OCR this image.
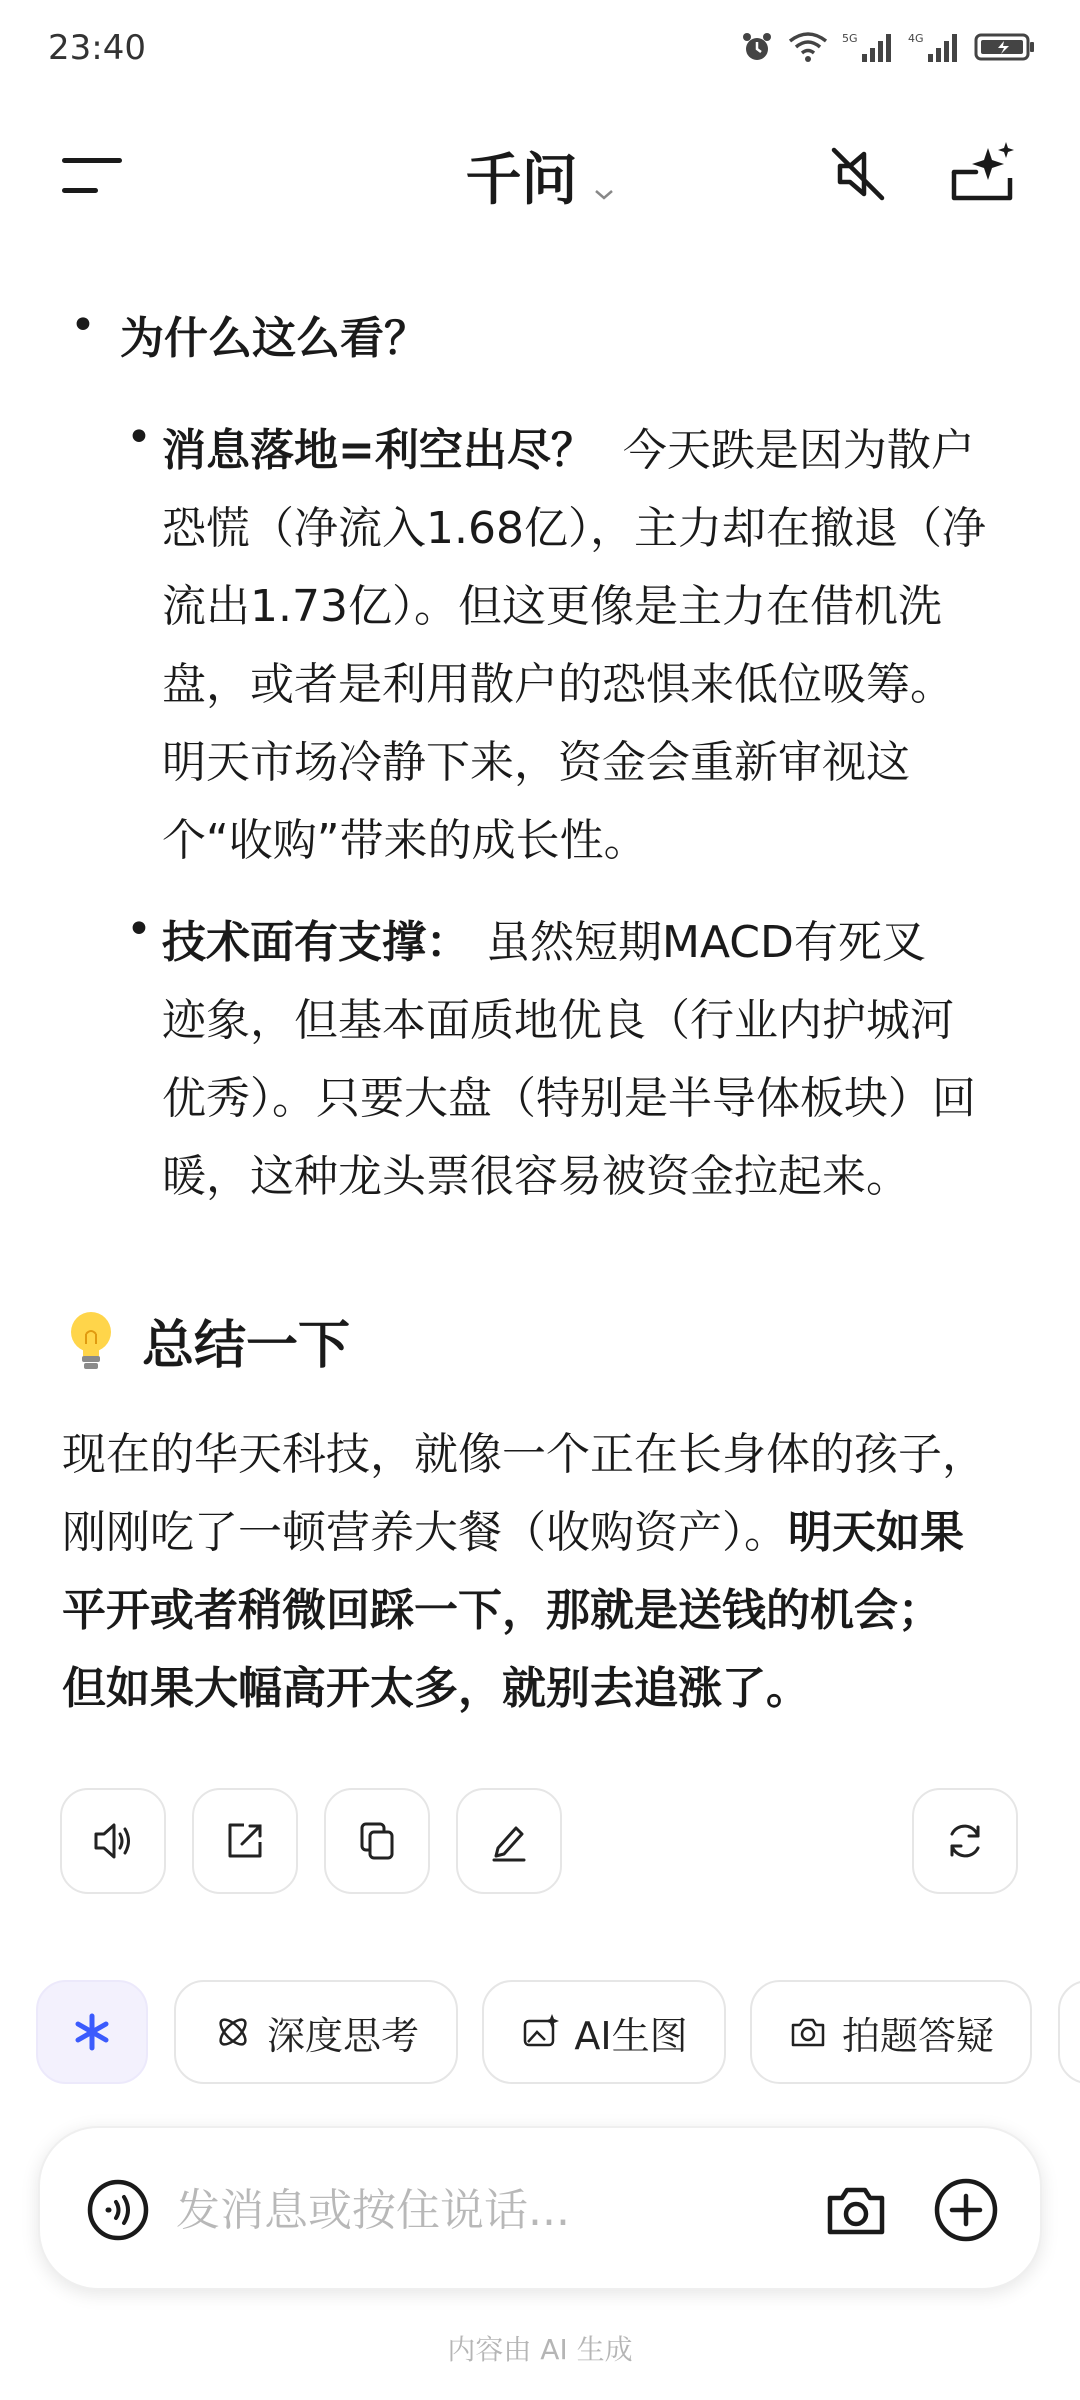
23:40	5G	4G
千问
• 为什么这么看？
• 消息落地=利空出尽？ 今天跌是因为散户
恐慌（净流入1.68亿），主力却在撤退（净
流出1.73亿）。但这更像是主力在借机洗
盘，或者是利用散户的恐惧来低位吸筹。
明天市场冷静下来，资金会重新审视这
个“收购”带来的成长性。
• 技术面有支撑： 虽然短期MACD有死叉
迹象，但基本面质地优良（行业内护城河
优秀）。只要大盘（特别是半导体板块）回
暖，这种龙头票很容易被资金拉起来。
总结一下
现在的华天科技，就像一个正在长身体的孩子，
刚刚吃了一顿营养大餐（收购资产）。明天如果
平开或者稍微回踩一下，那就是送钱的机会；
但如果大幅高开太多，就别去追涨了。
深度思考	AI生图	拍题答疑
发消息或按住说话...
内容由 AI 生成
